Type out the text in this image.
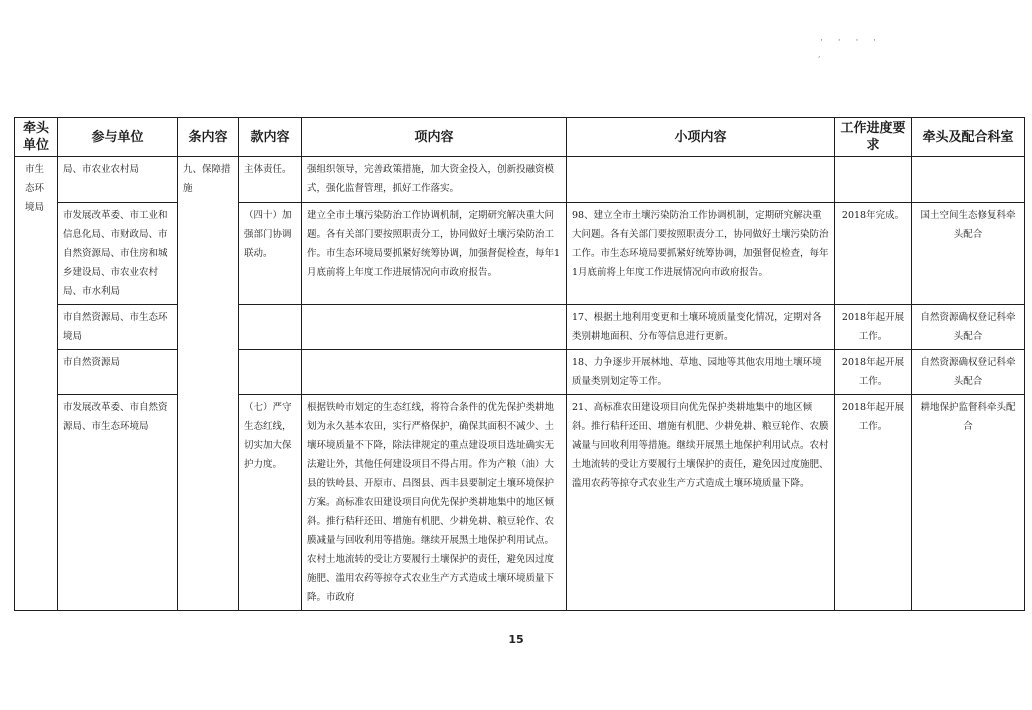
· · · ·
,
牵头单位	参与单位	条内容	款内容	项内容	小项内容	工作进度要求	牵头及配合科室
市生态环境局	局、市农业农村局	九、保障措施	主体责任。	强组织领导，完善政策措施，加大资金投入，创新投融资模式，强化监督管理，抓好工作落实。			
	市发展改革委、市工业和信息化局、市财政局、市自然资源局、市住房和城乡建设局、市农业农村局、市水利局		（四十）加强部门协调联动。	建立全市土壤污染防治工作协调机制，定期研究解决重大问题。各有关部门要按照职责分工，协同做好土壤污染防治工作。市生态环境局要抓紧好统筹协调，加强督促检查，每年1月底前将上年度工作进展情况向市政府报告。	98、建立全市土壤污染防治工作协调机制，定期研究解决重大问题。各有关部门要按照职责分工，协同做好土壤污染防治工作。市生态环境局要抓紧好统筹协调，加强督促检查，每年1月底前将上年度工作进展情况向市政府报告。	2018年完成。	国土空间生态修复科牵头配合
	市自然资源局、市生态环境局				17、根据土地利用变更和土壤环境质量变化情况，定期对各类别耕地面积、分布等信息进行更新。	2018年起开展工作。	自然资源确权登记科牵头配合
	市自然资源局				18、力争逐步开展林地、草地、园地等其他农用地土壤环境质量类别划定等工作。	2018年起开展工作。	自然资源确权登记科牵头配合
	市发展改革委、市自然资源局、市生态环境局		（七）严守生态红线，切实加大保护力度。	根据铁岭市划定的生态红线，将符合条件的优先保护类耕地划为永久基本农田，实行严格保护，确保其面积不减少、土壤环境质量不下降，除法律规定的重点建设项目选址确实无法避让外，其他任何建设项目不得占用。作为产粮（油）大县的铁岭县、开原市、昌图县、西丰县要制定土壤环境保护方案。高标准农田建设项目向优先保护类耕地集中的地区倾斜。推行秸秆还田、增施有机肥、少耕免耕、粮豆轮作、农膜减量与回收利用等措施。继续开展黑土地保护利用试点。农村土地流转的受让方要履行土壤保护的责任，避免因过度施肥、滥用农药等掠夺式农业生产方式造成土壤环境质量下降。市政府	21、高标准农田建设项目向优先保护类耕地集中的地区倾斜。推行秸秆还田、增施有机肥、少耕免耕、粮豆轮作、农膜减量与回收利用等措施。继续开展黑土地保护利用试点。农村土地流转的受让方要履行土壤保护的责任，避免因过度施肥、滥用农药等掠夺式农业生产方式造成土壤环境质量下降。	2018年起开展工作。	耕地保护监督科牵头配合
15
